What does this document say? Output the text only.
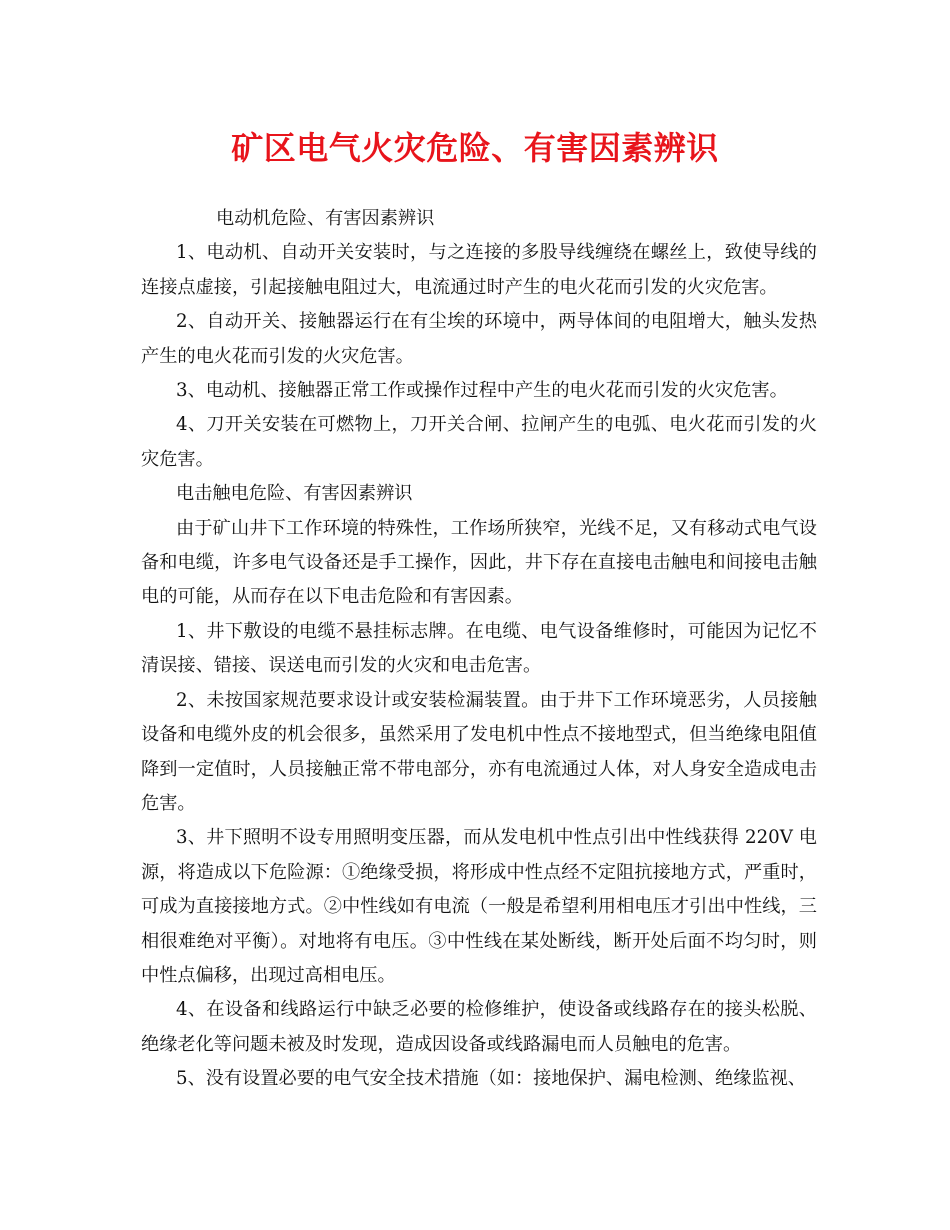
矿区电气火灾危险、有害因素辨识

电动机危险、有害因素辨识

1、电动机、自动开关安装时，与之连接的多股导线缠绕在螺丝上，致使导线的连接点虚接，引起接触电阻过大，电流通过时产生的电火花而引发的火灾危害。

2、自动开关、接触器运行在有尘埃的环境中，两导体间的电阻增大，触头发热产生的电火花而引发的火灾危害。

3、电动机、接触器正常工作或操作过程中产生的电火花而引发的火灾危害。

4、刀开关安装在可燃物上，刀开关合闸、拉闸产生的电弧、电火花而引发的火灾危害。

电击触电危险、有害因素辨识

由于矿山井下工作环境的特殊性，工作场所狭窄，光线不足，又有移动式电气设备和电缆，许多电气设备还是手工操作，因此，井下存在直接电击触电和间接电击触电的可能，从而存在以下电击危险和有害因素。

1、井下敷设的电缆不悬挂标志牌。在电缆、电气设备维修时，可能因为记忆不清误接、错接、误送电而引发的火灾和电击危害。

2、未按国家规范要求设计或安装检漏装置。由于井下工作环境恶劣，人员接触设备和电缆外皮的机会很多，虽然采用了发电机中性点不接地型式，但当绝缘电阻值降到一定值时，人员接触正常不带电部分，亦有电流通过人体，对人身安全造成电击危害。

3、井下照明不设专用照明变压器，而从发电机中性点引出中性线获得 220V 电源，将造成以下危险源：①绝缘受损，将形成中性点经不定阻抗接地方式，严重时，可成为直接接地方式。②中性线如有电流（一般是希望利用相电压才引出中性线，三相很难绝对平衡）。对地将有电压。③中性线在某处断线，断开处后面不均匀时，则中性点偏移，出现过高相电压。

4、在设备和线路运行中缺乏必要的检修维护，使设备或线路存在的接头松脱、绝缘老化等问题未被及时发现，造成因设备或线路漏电而人员触电的危害。

5、没有设置必要的电气安全技术措施（如：接地保护、漏电检测、绝缘监视、
